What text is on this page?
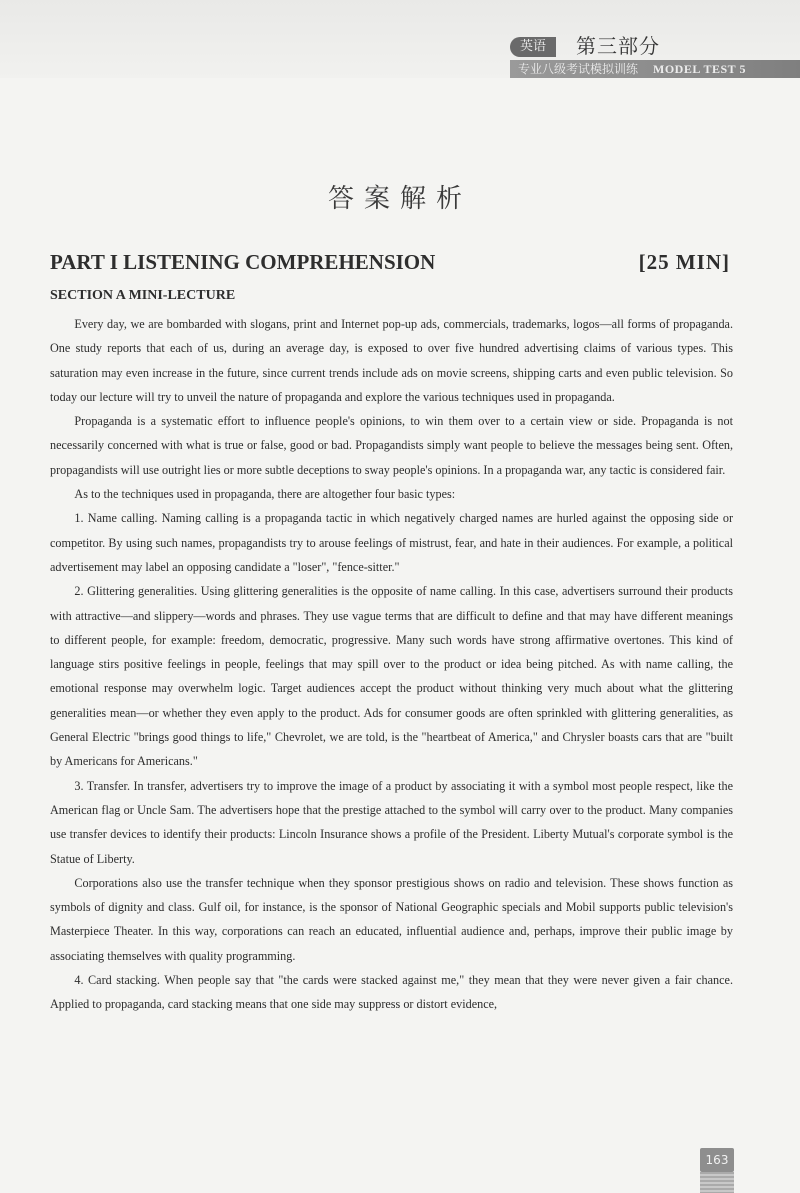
英语	第三部分
专业八级考试模拟训练 MODEL TEST 5
答案解析
PART I LISTENING COMPREHENSION	[25 MIN]
SECTION A MINI-LECTURE

Every day, we are bombarded with slogans, print and Internet pop-up ads, commercials, trademarks, logos—all forms of propaganda. One study reports that each of us, during an average day, is exposed to over five hundred advertising claims of various types. This saturation may even increase in the future, since current trends include ads on movie screens, shipping carts and even public television. So today our lecture will try to unveil the nature of propaganda and explore the various techniques used in propaganda.

Propaganda is a systematic effort to influence people's opinions, to win them over to a certain view or side. Propaganda is not necessarily concerned with what is true or false, good or bad. Propagandists simply want people to believe the messages being sent. Often, propagandists will use outright lies or more subtle deceptions to sway people's opinions. In a propaganda war, any tactic is considered fair.

As to the techniques used in propaganda, there are altogether four basic types:

1. Name calling. Naming calling is a propaganda tactic in which negatively charged names are hurled against the opposing side or competitor. By using such names, propagandists try to arouse feelings of mistrust, fear, and hate in their audiences. For example, a political advertisement may label an opposing candidate a "loser", "fence-sitter."

2. Glittering generalities. Using glittering generalities is the opposite of name calling. In this case, advertisers surround their products with attractive—and slippery—words and phrases. They use vague terms that are difficult to define and that may have different meanings to different people, for example: freedom, democratic, progressive. Many such words have strong affirmative overtones. This kind of language stirs positive feelings in people, feelings that may spill over to the product or idea being pitched. As with name calling, the emotional response may overwhelm logic. Target audiences accept the product without thinking very much about what the glittering generalities mean—or whether they even apply to the product. Ads for consumer goods are often sprinkled with glittering generalities, as General Electric "brings good things to life," Chevrolet, we are told, is the "heartbeat of America," and Chrysler boasts cars that are "built by Americans for Americans."

3. Transfer. In transfer, advertisers try to improve the image of a product by associating it with a symbol most people respect, like the American flag or Uncle Sam. The advertisers hope that the prestige attached to the symbol will carry over to the product. Many companies use transfer devices to identify their products: Lincoln Insurance shows a profile of the President. Liberty Mutual's corporate symbol is the Statue of Liberty.

Corporations also use the transfer technique when they sponsor prestigious shows on radio and television. These shows function as symbols of dignity and class. Gulf oil, for instance, is the sponsor of National Geographic specials and Mobil supports public television's Masterpiece Theater. In this way, corporations can reach an educated, influential audience and, perhaps, improve their public image by associating themselves with quality programming.

4. Card stacking. When people say that "the cards were stacked against me," they mean that they were never given a fair chance. Applied to propaganda, card stacking means that one side may suppress or distort evidence,

163
